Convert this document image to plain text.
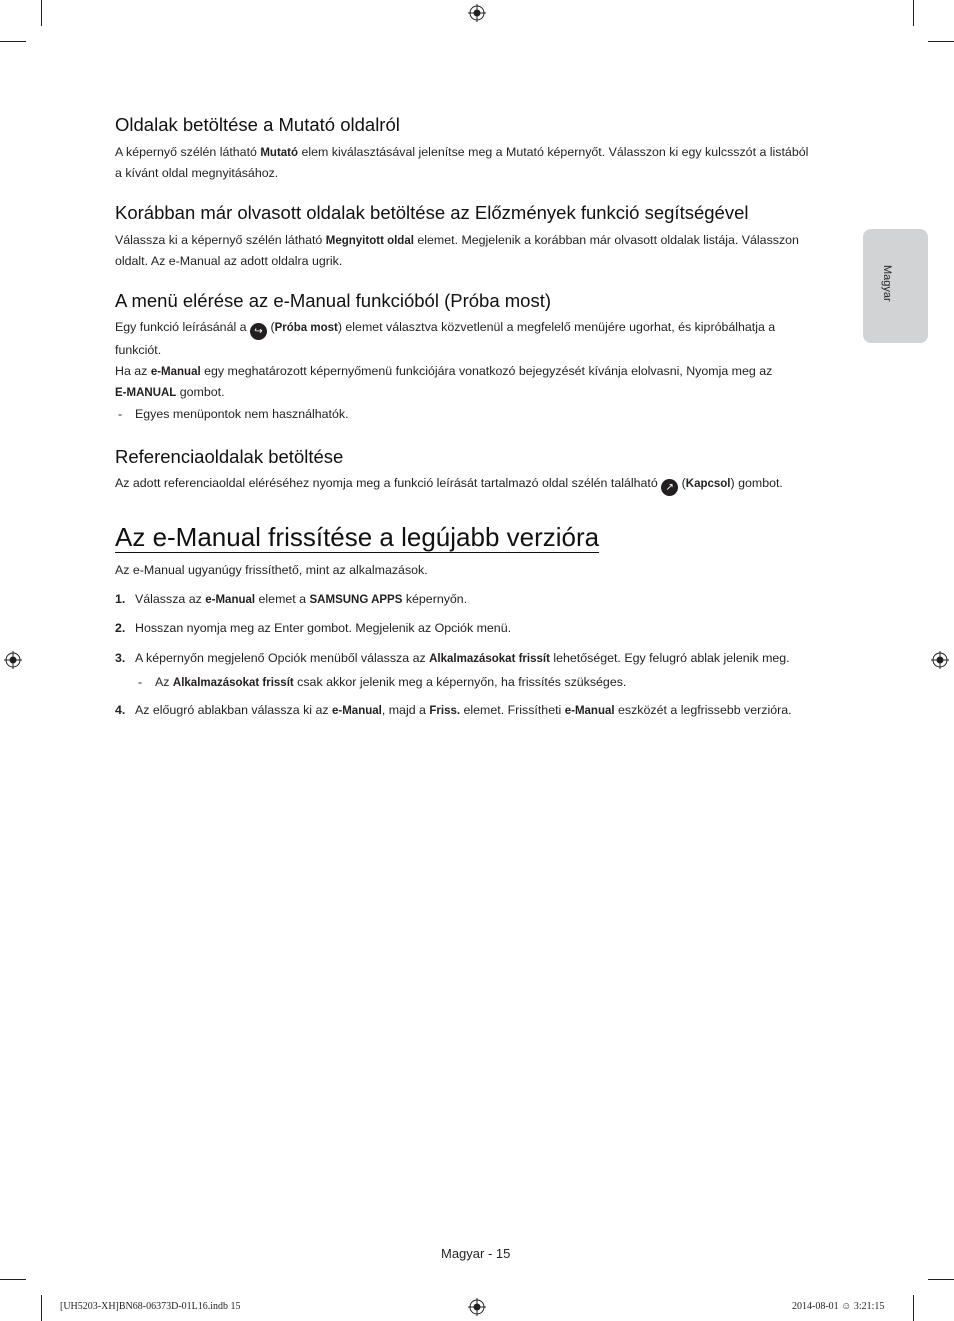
Magyar
Oldalak betöltése a Mutató oldalról
A képernyő szélén látható Mutató elem kiválasztásával jelenítse meg a Mutató képernyőt. Válasszon ki egy kulcsszót a listából
a kívánt oldal megnyitásához.
Korábban már olvasott oldalak betöltése az Előzmények funkció segítségével
Válassza ki a képernyő szélén látható Megnyitott oldal elemet. Megjelenik a korábban már olvasott oldalak listája. Válasszon
oldalt. Az e-Manual az adott oldalra ugrik.
A menü elérése az e-Manual funkcióból (Próba most)
Egy funkció leírásánál a ↪ (Próba most) elemet választva közvetlenül a megfelelő menüjére ugorhat, és kipróbálhatja a
funkciót.
Ha az e-Manual egy meghatározott képernyőmenü funkciójára vonatkozó bejegyzését kívánja elolvasni, Nyomja meg az
E-MANUAL gombot.
- Egyes menüpontok nem használhatók.
Referenciaoldalak betöltése
Az adott referenciaoldal eléréséhez nyomja meg a funkció leírását tartalmazó oldal szélén található ↗ (Kapcsol) gombot.
Az e-Manual frissítése a legújabb verzióra
Az e-Manual ugyanúgy frissíthető, mint az alkalmazások.
1. Válassza az e-Manual elemet a SAMSUNG APPS képernyőn.
2. Hosszan nyomja meg az Enter gombot. Megjelenik az Opciók menü.
3. A képernyőn megjelenő Opciók menüből válassza az Alkalmazásokat frissít lehetőséget. Egy felugró ablak jelenik meg.
- Az Alkalmazásokat frissít csak akkor jelenik meg a képernyőn, ha frissítés szükséges.
4. Az előugró ablakban válassza ki az e-Manual, majd a Friss. elemet. Frissítheti e-Manual eszközét a legfrissebb verzióra.
Magyar - 15
[UH5203-XH]BN68-06373D-01L16.indb 15	2014-08-01 ☺ 3:21:15
